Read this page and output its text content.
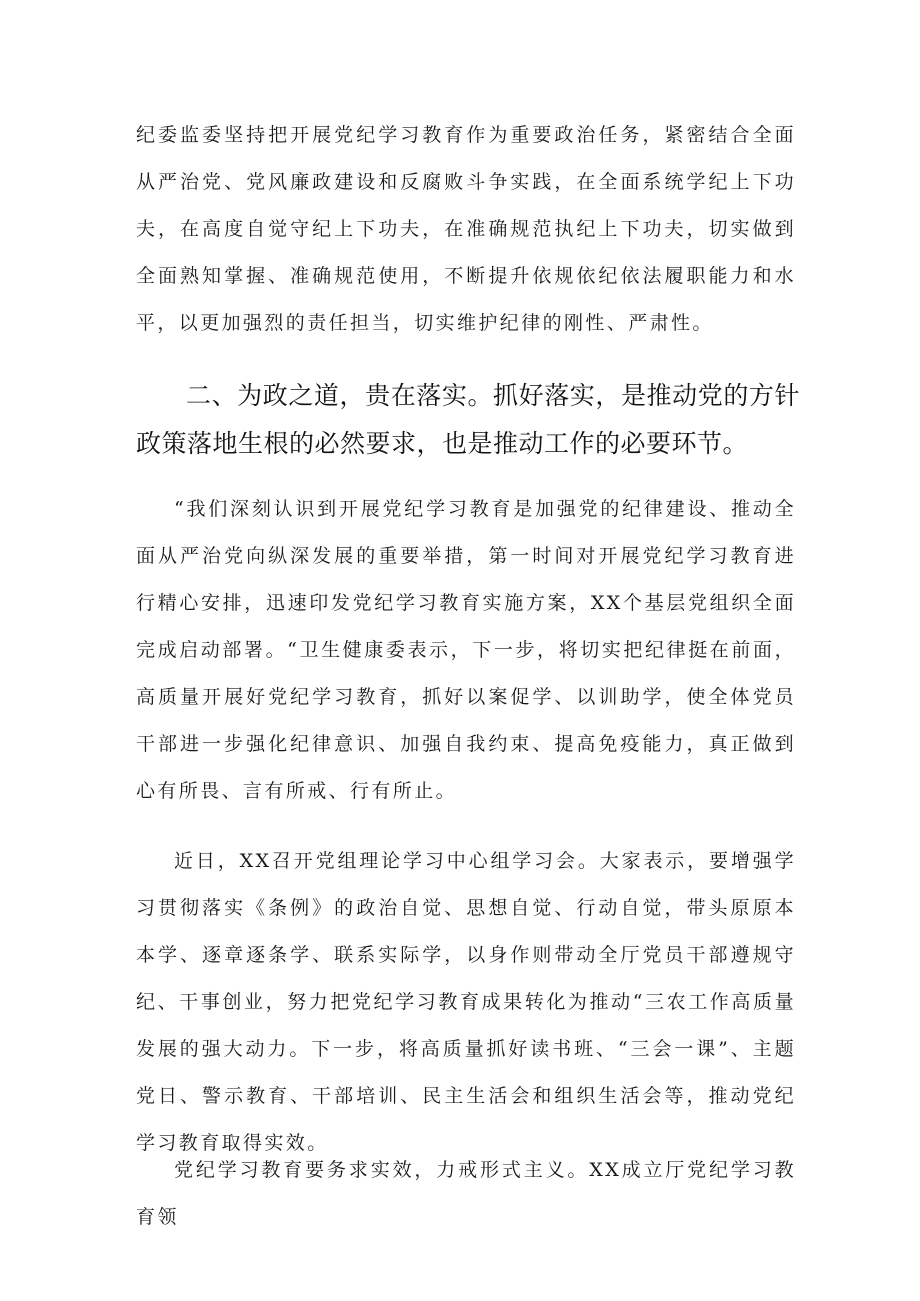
纪委监委坚持把开展党纪学习教育作为重要政治任务，紧密结合全面从严治党、党风廉政建设和反腐败斗争实践，在全面系统学纪上下功夫，在高度自觉守纪上下功夫，在准确规范执纪上下功夫，切实做到全面熟知掌握、准确规范使用，不断提升依规依纪依法履职能力和水平，以更加强烈的责任担当，切实维护纪律的刚性、严肃性。

二、为政之道，贵在落实。抓好落实，是推动党的方针政策落地生根的必然要求，也是推动工作的必要环节。

“我们深刻认识到开展党纪学习教育是加强党的纪律建设、推动全面从严治党向纵深发展的重要举措，第一时间对开展党纪学习教育进行精心安排，迅速印发党纪学习教育实施方案，XX个基层党组织全面完成启动部署。“卫生健康委表示，下一步，将切实把纪律挺在前面，高质量开展好党纪学习教育，抓好以案促学、以训助学，使全体党员干部进一步强化纪律意识、加强自我约束、提高免疫能力，真正做到心有所畏、言有所戒、行有所止。

近日，XX召开党组理论学习中心组学习会。大家表示，要增强学习贯彻落实《条例》的政治自觉、思想自觉、行动自觉，带头原原本本学、逐章逐条学、联系实际学，以身作则带动全厅党员干部遵规守纪、干事创业，努力把党纪学习教育成果转化为推动“三农工作高质量发展的强大动力。下一步，将高质量抓好读书班、“三会一课”、主题党日、警示教育、干部培训、民主生活会和组织生活会等，推动党纪学习教育取得实效。

党纪学习教育要务求实效，力戒形式主义。XX成立厅党纪学习教育领
